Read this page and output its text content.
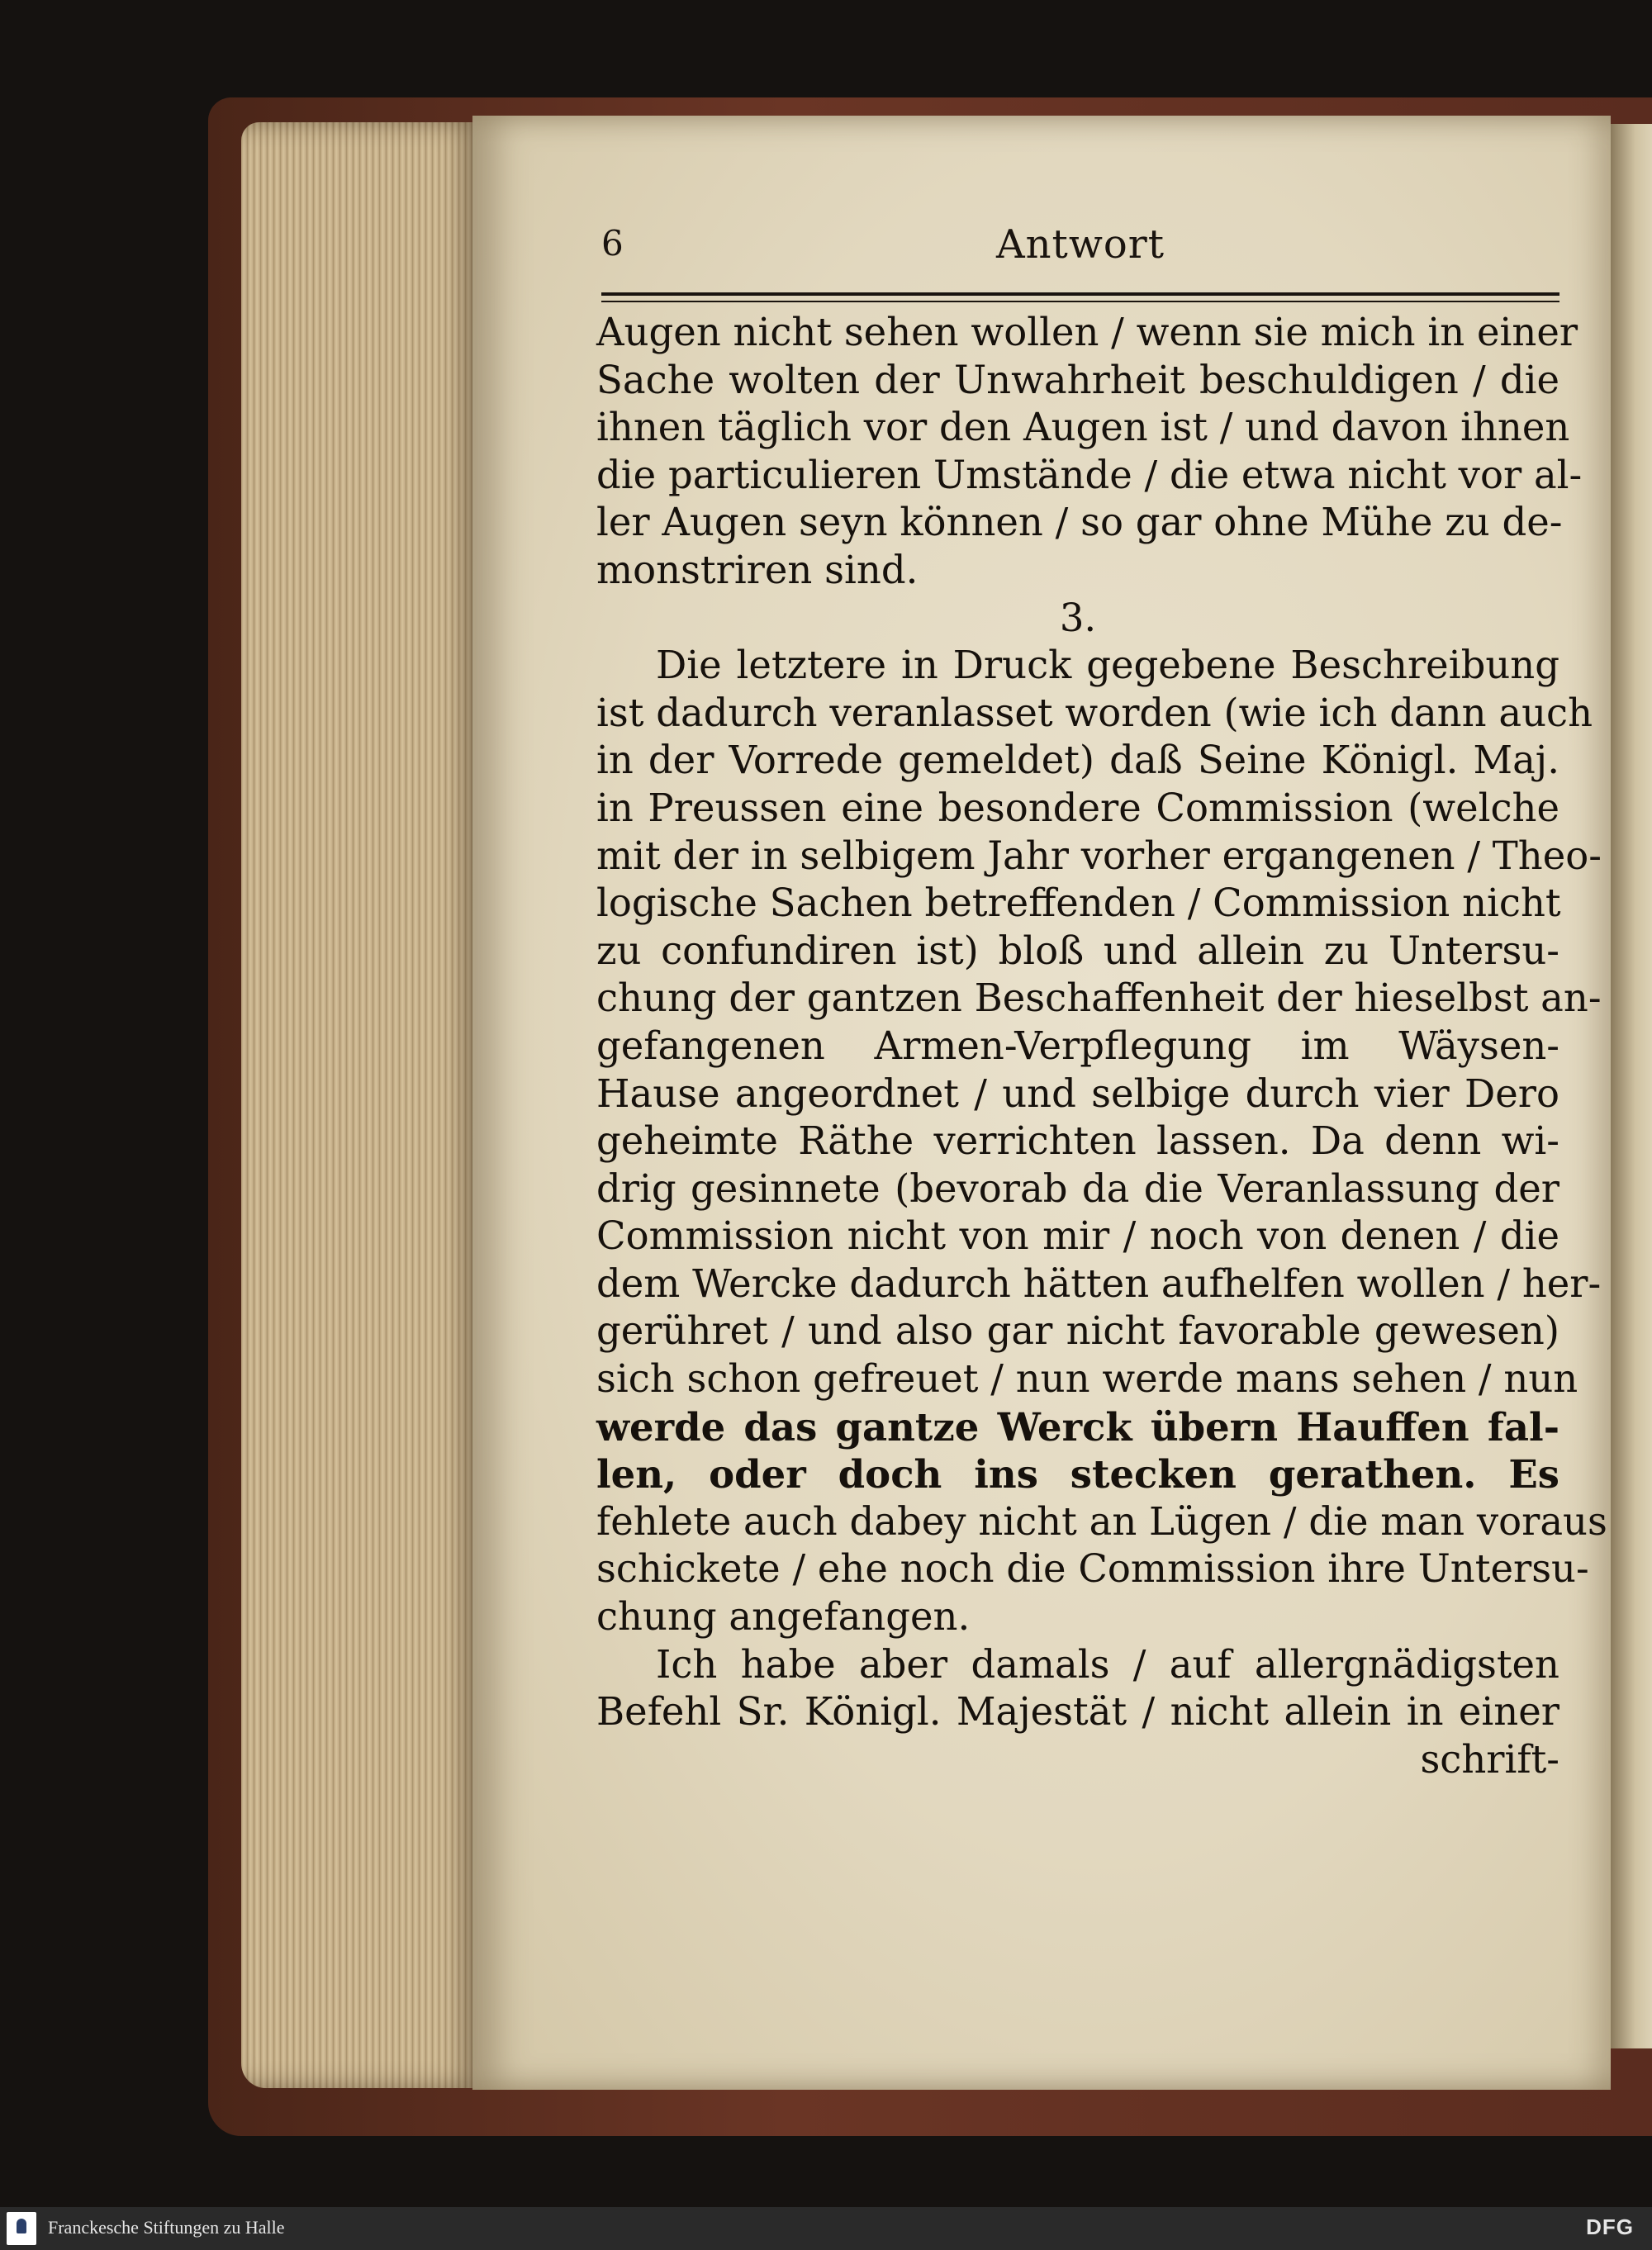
6	Antwort
Augen nicht sehen wollen / wenn sie mich in einer
Sache wolten der Unwahrheit beschuldigen / die
ihnen täglich vor den Augen ist / und davon ihnen
die particulieren Umstände / die etwa nicht vor al-
ler Augen seyn können / so gar ohne Mühe zu de-
monstriren sind.
3.
Die letztere in Druck gegebene Beschreibung
ist dadurch veranlasset worden (wie ich dann auch
in der Vorrede gemeldet) daß Seine Königl. Maj.
in Preussen eine besondere Commission (welche
mit der in selbigem Jahr vorher ergangenen / Theo-
logische Sachen betreffenden / Commission nicht
zu confundiren ist) bloß und allein zu Untersu-
chung der gantzen Beschaffenheit der hieselbst an-
gefangenen Armen-Verpflegung im Wäysen-
Hause angeordnet / und selbige durch vier Dero
geheimte Räthe verrichten lassen. Da denn wi-
drig gesinnete (bevorab da die Veranlassung der
Commission nicht von mir / noch von denen / die
dem Wercke dadurch hätten aufhelfen wollen / her-
gerühret / und also gar nicht favorable gewesen)
sich schon gefreuet / nun werde mans sehen / nun
werde das gantze Werck übern Hauffen fal-
len, oder doch ins stecken gerathen. Es
fehlete auch dabey nicht an Lügen / die man voraus
schickete / ehe noch die Commission ihre Untersu-
chung angefangen.
Ich habe aber damals / auf allergnädigsten
Befehl Sr. Königl. Majestät / nicht allein in einer
schrift-
Franckesche Stiftungen zu Halle	DFG
